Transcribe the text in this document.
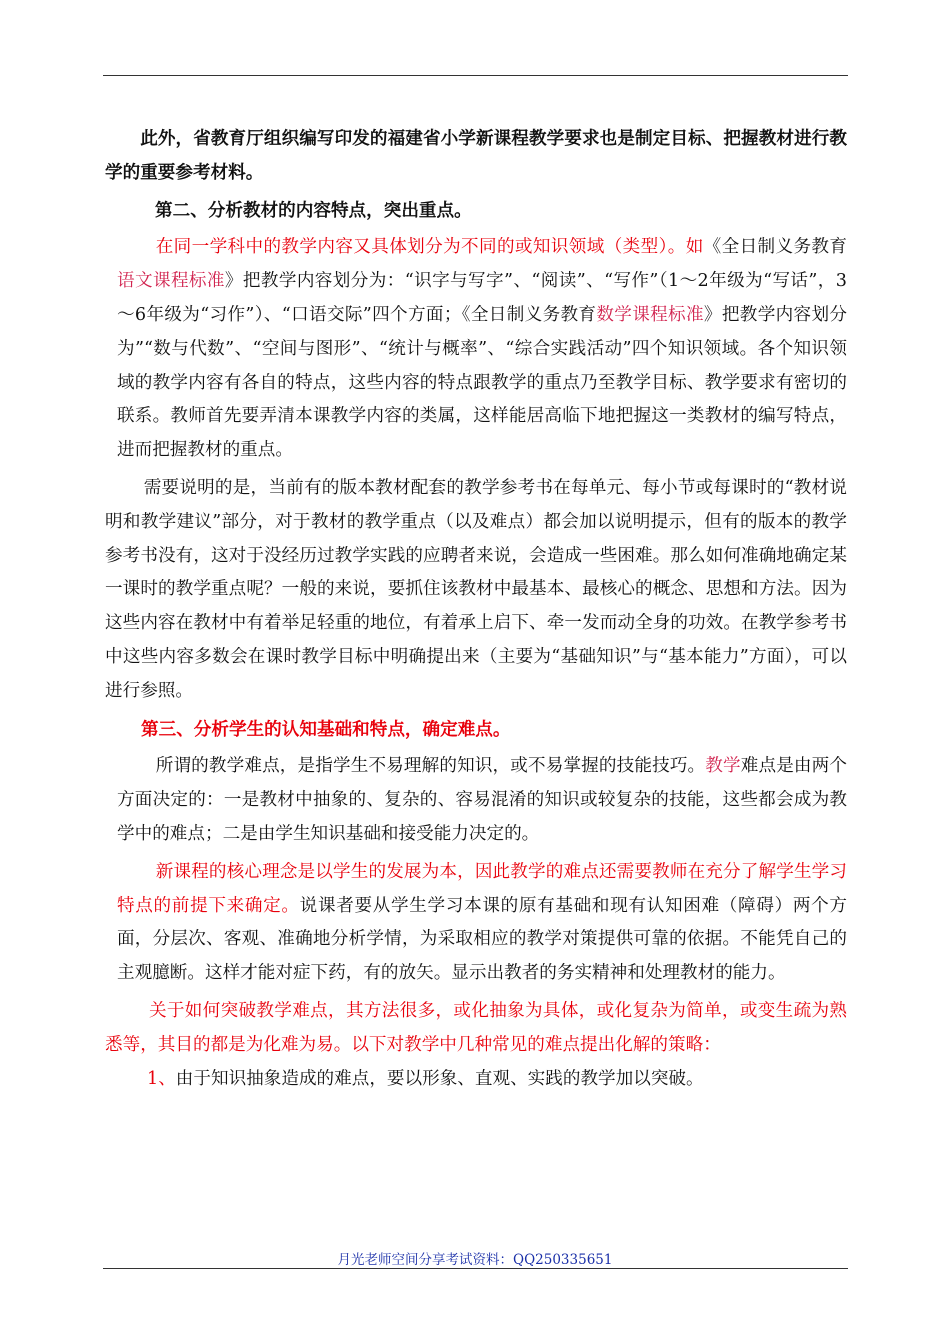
此外，省教育厅组织编写印发的福建省小学新课程教学要求也是制定目标、把握教材进行教学的重要参考材料。

第二、分析教材的内容特点，突出重点。

在同一学科中的教学内容又具体划分为不同的或知识领域（类型）。如《全日制义务教育语文课程标准》把教学内容划分为：“识字与写字”、“阅读”、“写作”（1～2年级为“写话”，3～6年级为“习作”）、“口语交际”四个方面；《全日制义务教育数学课程标准》把教学内容划分为”“数与代数”、“空间与图形”、“统计与概率”、“综合实践活动”四个知识领域。各个知识领域的教学内容有各自的特点，这些内容的特点跟教学的重点乃至教学目标、教学要求有密切的联系。教师首先要弄清本课教学内容的类属，这样能居高临下地把握这一类教材的编写特点，进而把握教材的重点。

需要说明的是，当前有的版本教材配套的教学参考书在每单元、每小节或每课时的“教材说明和教学建议”部分，对于教材的教学重点（以及难点）都会加以说明提示，但有的版本的教学参考书没有，这对于没经历过教学实践的应聘者来说，会造成一些困难。那么如何准确地确定某一课时的教学重点呢？一般的来说，要抓住该教材中最基本、最核心的概念、思想和方法。因为这些内容在教材中有着举足轻重的地位，有着承上启下、牵一发而动全身的功效。在教学参考书中这些内容多数会在课时教学目标中明确提出来（主要为“基础知识”与“基本能力”方面），可以进行参照。

第三、分析学生的认知基础和特点，确定难点。

所谓的教学难点，是指学生不易理解的知识，或不易掌握的技能技巧。教学难点是由两个方面决定的：一是教材中抽象的、复杂的、容易混淆的知识或较复杂的技能，这些都会成为教学中的难点；二是由学生知识基础和接受能力决定的。

新课程的核心理念是以学生的发展为本，因此教学的难点还需要教师在充分了解学生学习特点的前提下来确定。说课者要从学生学习本课的原有基础和现有认知困难（障碍）两个方面，分层次、客观、准确地分析学情，为采取相应的教学对策提供可靠的依据。不能凭自己的主观臆断。这样才能对症下药，有的放矢。显示出教者的务实精神和处理教材的能力。

关于如何突破教学难点，其方法很多，或化抽象为具体，或化复杂为简单，或变生疏为熟悉等，其目的都是为化难为易。以下对教学中几种常见的难点提出化解的策略：

1、由于知识抽象造成的难点，要以形象、直观、实践的教学加以突破。

月光老师空间分享考试资料：QQ250335651
